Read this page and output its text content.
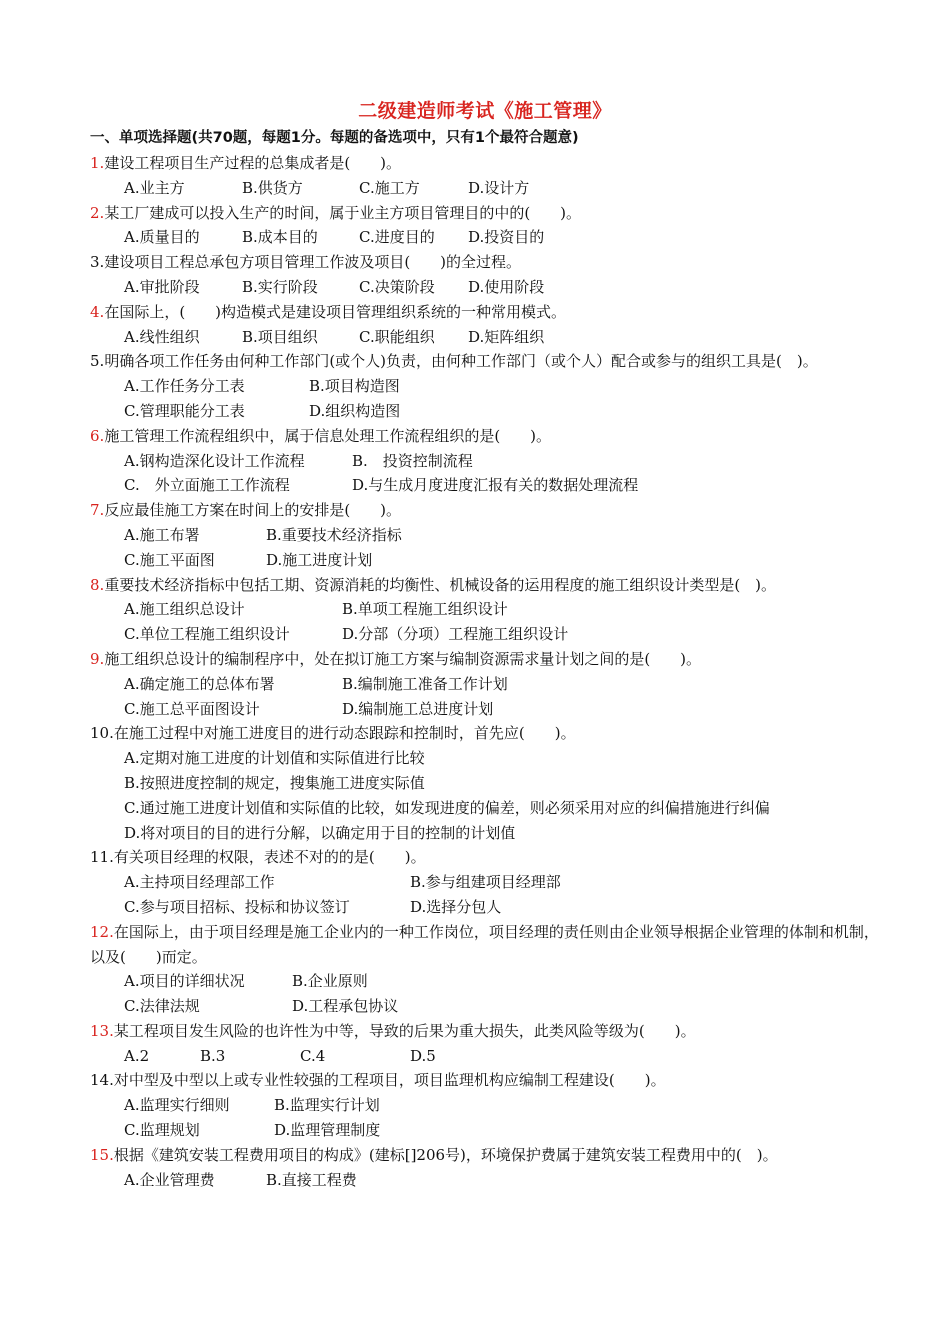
二级建造师考试《施工管理》
一、单项选择题(共70题，每题1分。每题的备选项中，只有1个最符合题意)
1.建设工程项目生产过程的总集成者是(　　)。
A.业主方	B.供货方	C.施工方	D.设计方
2.某工厂建成可以投入生产的时间，属于业主方项目管理目的中的(　　)。
A.质量目的	B.成本目的	C.进度目的 D.投资目的
3.建设项目工程总承包方项目管理工作波及项目(　　)的全过程。
A.审批阶段	B.实行阶段	C.决策阶段 D.使用阶段
4.在国际上，(　　)构造模式是建设项目管理组织系统的一种常用模式。
A.线性组织	B.项目组织	C.职能组织 D.矩阵组织
5.明确各项工作任务由何种工作部门(或个人)负责，由何种工作部门（或个人）配合或参与的组织工具是(　)。
A.工作任务分工表	B.项目构造图
C.管理职能分工表	D.组织构造图
6.施工管理工作流程组织中，属于信息处理工作流程组织的是(　　)。
A.钢构造深化设计工作流程	B.　投资控制流程
C.　外立面施工工作流程	D.与生成月度进度汇报有关的数据处理流程
7.反应最佳施工方案在时间上的安排是(　　)。
A.施工布署	B.重要技术经济指标
C.施工平面图	D.施工进度计划
8.重要技术经济指标中包括工期、资源消耗的均衡性、机械设备的运用程度的施工组织设计类型是(　)。
A.施工组织总设计	B.单项工程施工组织设计
C.单位工程施工组织设计	D.分部（分项）工程施工组织设计
9.施工组织总设计的编制程序中，处在拟订施工方案与编制资源需求量计划之间的是(　　)。
A.确定施工的总体布署	B.编制施工准备工作计划
C.施工总平面图设计	D.编制施工总进度计划
10.在施工过程中对施工进度目的进行动态跟踪和控制时，首先应(　　)。
A.定期对施工进度的计划值和实际值进行比较
B.按照进度控制的规定，搜集施工进度实际值
C.通过施工进度计划值和实际值的比较，如发现进度的偏差，则必须采用对应的纠偏措施进行纠偏
D.将对项目的目的进行分解，以确定用于目的控制的计划值
11.有关项目经理的权限，表述不对的的是(　　)。
A.主持项目经理部工作	B.参与组建项目经理部
C.参与项目招标、投标和协议签订	D.选择分包人
12.在国际上，由于项目经理是施工企业内的一种工作岗位，项目经理的责任则由企业领导根据企业管理的体制和机制，以及(　　)而定。
A.项目的详细状况	B.企业原则
C.法律法规	D.工程承包协议
13.某工程项目发生风险的也许性为中等，导致的后果为重大损失，此类风险等级为(　　)。
A.2	B.3	C.4	D.5
14.对中型及中型以上或专业性较强的工程项目，项目监理机构应编制工程建设(　　)。
A.监理实行细则	B.监理实行计划
C.监理规划	D.监理管理制度
15.根据《建筑安装工程费用项目的构成》(建标[]206号)，环境保护费属于建筑安装工程费用中的(　)。
A.企业管理费	B.直接工程费
